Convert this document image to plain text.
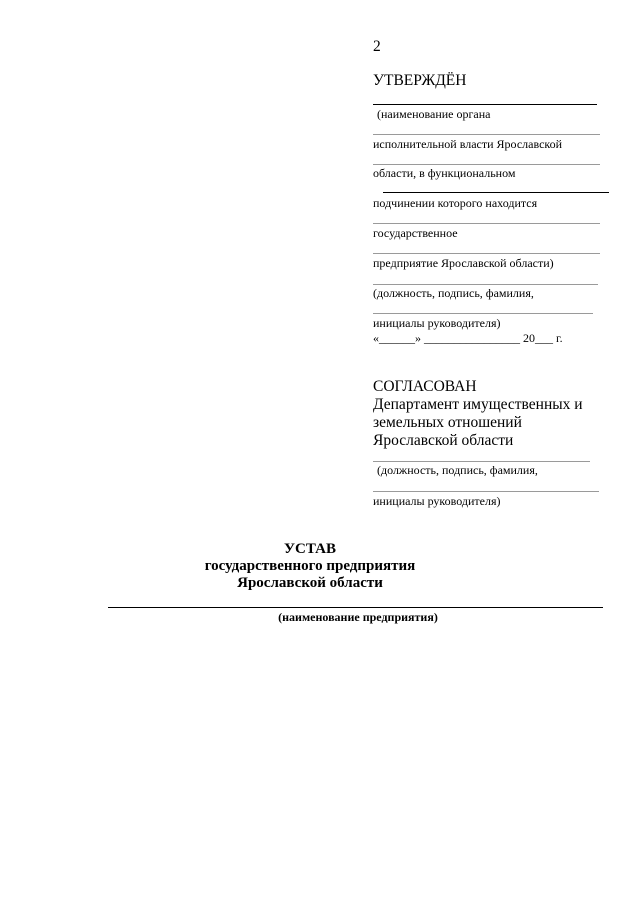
2
УТВЕРЖДЁН
(наименование органа
исполнительной власти Ярославской
области, в функциональном
подчинении которого находится
государственное
предприятие Ярославской области)
(должность, подпись, фамилия,
инициалы руководителя)
«______» ________________ 20___ г.
СОГЛАСОВАН
Департамент имущественных и
земельных отношений
Ярославской области
(должность, подпись, фамилия,
инициалы руководителя)
УСТАВ
государственного предприятия
Ярославской области
(наименование предприятия)
